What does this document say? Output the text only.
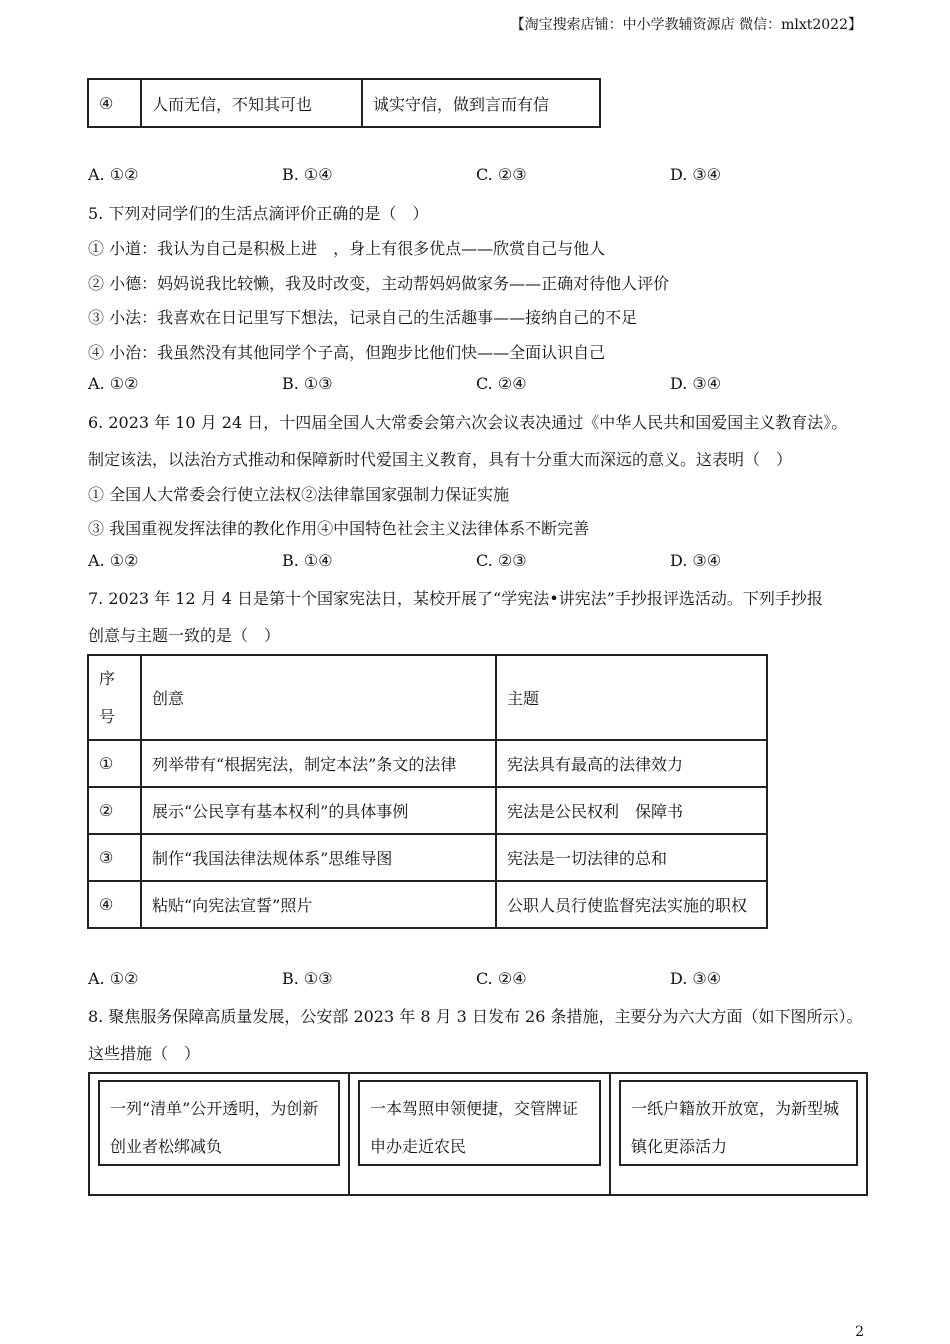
【淘宝搜索店铺：中小学教辅资源店 微信：mlxt2022】
④	人而无信，不知其可也	诚实守信，做到言而有信
A. ①②	B. ①④	C. ②③	D. ③④
5. 下列对同学们的生活点滴评价正确的是（　）
① 小道：我认为自己是积极上进　，身上有很多优点——欣赏自己与他人
② 小德：妈妈说我比较懒，我及时改变，主动帮妈妈做家务——正确对待他人评价
③ 小法：我喜欢在日记里写下想法，记录自己的生活趣事——接纳自己的不足
④ 小治：我虽然没有其他同学个子高，但跑步比他们快——全面认识自己
A. ①②	B. ①③	C. ②④	D. ③④
6. 2023 年 10 月 24 日，十四届全国人大常委会第六次会议表决通过《中华人民共和国爱国主义教育法》。
制定该法，以法治方式推动和保障新时代爱国主义教育，具有十分重大而深远的意义。这表明（　）
① 全国人大常委会行使立法权②法律靠国家强制力保证实施
③ 我国重视发挥法律的教化作用④中国特色社会主义法律体系不断完善
A. ①②	B. ①④	C. ②③	D. ③④
7. 2023 年 12 月 4 日是第十个国家宪法日，某校开展了“学宪法•讲宪法”手抄报评选活动。下列手抄报
创意与主题一致的是（　）
序号	创意	主题
①	列举带有“根据宪法，制定本法”条文的法律	宪法具有最高的法律效力
②	展示“公民享有基本权利”的具体事例	宪法是公民权利　保障书
③	制作“我国法律法规体系”思维导图	宪法是一切法律的总和
④	粘贴“向宪法宣誓”照片	公职人员行使监督宪法实施的职权
A. ①②	B. ①③	C. ②④	D. ③④
8. 聚焦服务保障高质量发展，公安部 2023 年 8 月 3 日发布 26 条措施，主要分为六大方面（如下图所示）。
这些措施（　）
一列“清单”公开透明，为创新创业者松绑减负
一本驾照申领便捷，交管牌证申办走近农民
一纸户籍放开放宽，为新型城镇化更添活力
2
